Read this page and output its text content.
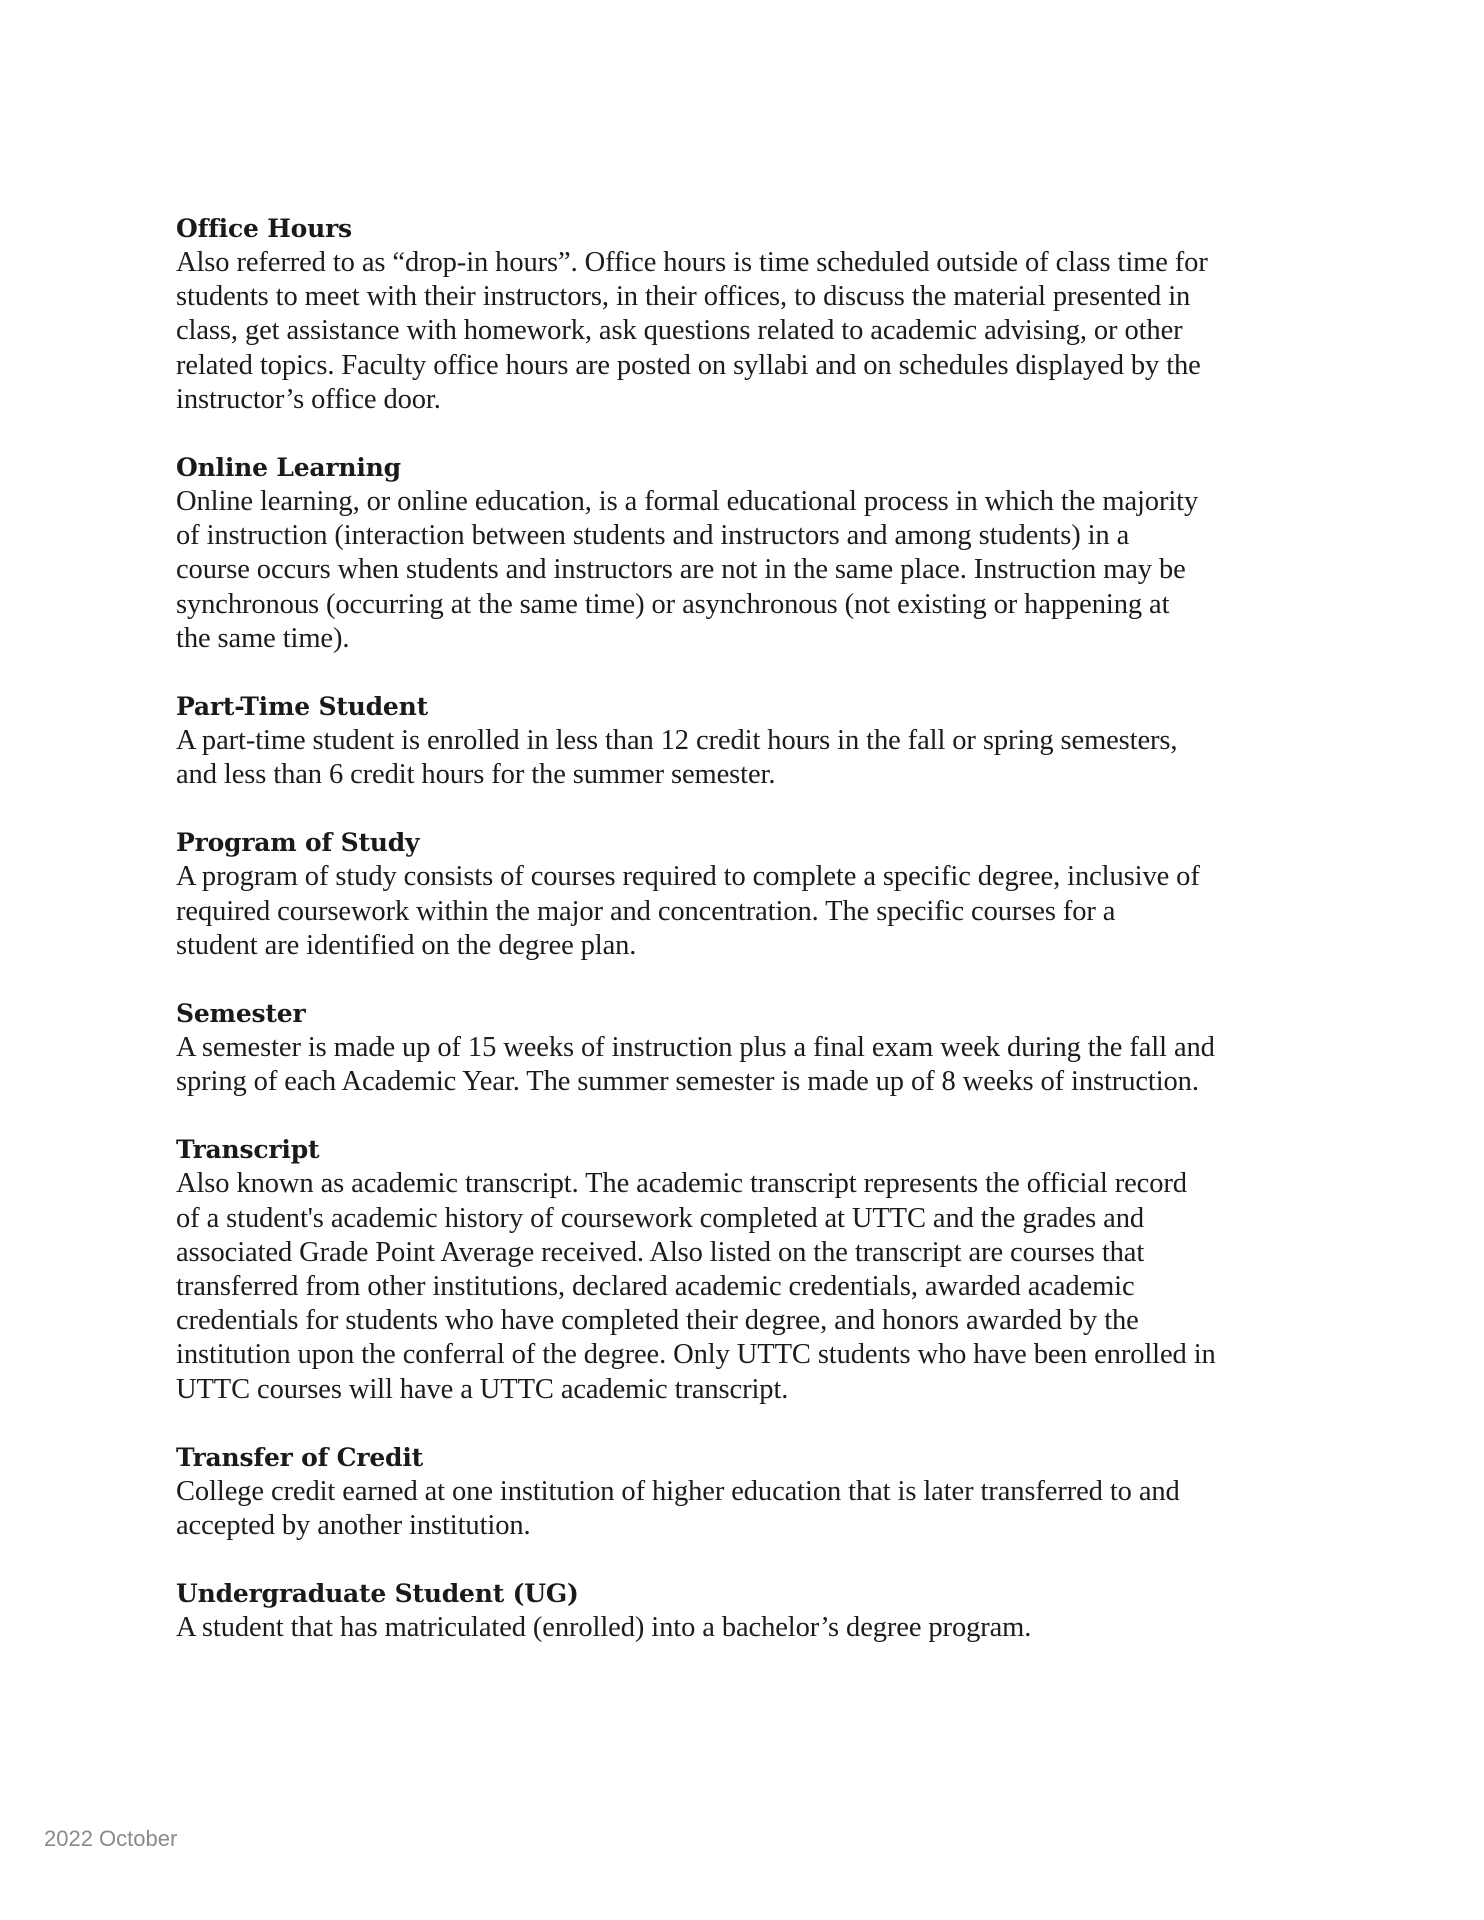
Office Hours

Also referred to as “drop-in hours”. Office hours is time scheduled outside of class time for
students to meet with their instructors, in their offices, to discuss the material presented in
class, get assistance with homework, ask questions related to academic advising, or other
related topics. Faculty office hours are posted on syllabi and on schedules displayed by the
instructor’s office door.

Online Learning

Online learning, or online education, is a formal educational process in which the majority
of instruction (interaction between students and instructors and among students) in a
course occurs when students and instructors are not in the same place. Instruction may be
synchronous (occurring at the same time) or asynchronous (not existing or happening at
the same time).

Part-Time Student

A part-time student is enrolled in less than 12 credit hours in the fall or spring semesters,
and less than 6 credit hours for the summer semester.

Program of Study

A program of study consists of courses required to complete a specific degree, inclusive of
required coursework within the major and concentration. The specific courses for a
student are identified on the degree plan.

Semester

A semester is made up of 15 weeks of instruction plus a final exam week during the fall and
spring of each Academic Year. The summer semester is made up of 8 weeks of instruction.

Transcript

Also known as academic transcript. The academic transcript represents the official record
of a student's academic history of coursework completed at UTTC and the grades and
associated Grade Point Average received. Also listed on the transcript are courses that
transferred from other institutions, declared academic credentials, awarded academic
credentials for students who have completed their degree, and honors awarded by the
institution upon the conferral of the degree. Only UTTC students who have been enrolled in
UTTC courses will have a UTTC academic transcript.

Transfer of Credit

College credit earned at one institution of higher education that is later transferred to and
accepted by another institution.

Undergraduate Student (UG)

A student that has matriculated (enrolled) into a bachelor’s degree program.

2022 October
